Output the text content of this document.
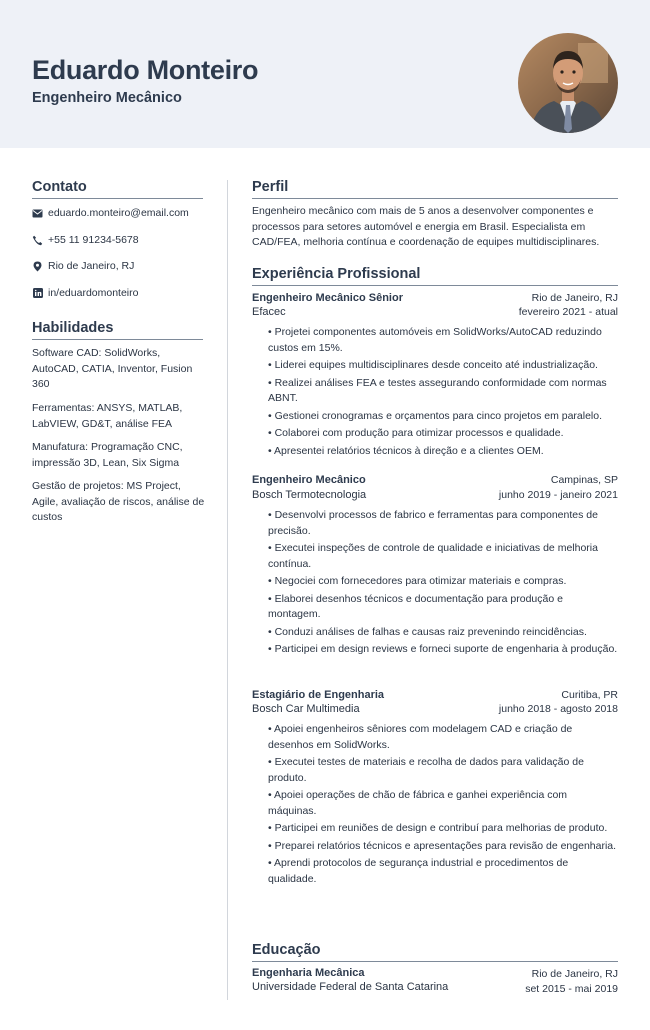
Eduardo Monteiro
Engenheiro Mecânico
Contato
eduardo.monteiro@email.com
+55 11 91234-5678
Rio de Janeiro, RJ
in/eduardomonteiro
Habilidades
Software CAD: SolidWorks, AutoCAD, CATIA, Inventor, Fusion 360
Ferramentas: ANSYS, MATLAB, LabVIEW, GD&T, análise FEA
Manufatura: Programação CNC, impressão 3D, Lean, Six Sigma
Gestão de projetos: MS Project, Agile, avaliação de riscos, análise de custos
Perfil
Engenheiro mecânico com mais de 5 anos a desenvolver componentes e processos para setores automóvel e energia em Brasil. Especialista em CAD/FEA, melhoria contínua e coordenação de equipes multidisciplinares.
Experiência Profissional
Engenheiro Mecânico Sênior	Rio de Janeiro, RJ
Efacec	fevereiro 2021 - atual
• Projetei componentes automóveis em SolidWorks/AutoCAD reduzindo custos em 15%.
• Liderei equipes multidisciplinares desde conceito até industrialização.
• Realizei análises FEA e testes assegurando conformidade com normas ABNT.
• Gestionei cronogramas e orçamentos para cinco projetos em paralelo.
• Colaborei com produção para otimizar processos e qualidade.
• Apresentei relatórios técnicos à direção e a clientes OEM.
Engenheiro Mecânico	Campinas, SP
Bosch Termotecnologia	junho 2019 - janeiro 2021
• Desenvolvi processos de fabrico e ferramentas para componentes de precisão.
• Executei inspeções de controle de qualidade e iniciativas de melhoria contínua.
• Negociei com fornecedores para otimizar materiais e compras.
• Elaborei desenhos técnicos e documentação para produção e montagem.
• Conduzi análises de falhas e causas raiz prevenindo reincidências.
• Participei em design reviews e forneci suporte de engenharia à produção.
Estagiário de Engenharia	Curitiba, PR
Bosch Car Multimedia	junho 2018 - agosto 2018
• Apoiei engenheiros sêniores com modelagem CAD e criação de desenhos em SolidWorks.
• Executei testes de materiais e recolha de dados para validação de produto.
• Apoiei operações de chão de fábrica e ganhei experiência com máquinas.
• Participei em reuniões de design e contribuí para melhorias de produto.
• Preparei relatórios técnicos e apresentações para revisão de engenharia.
• Aprendi protocolos de segurança industrial e procedimentos de qualidade.
Educação
Engenharia Mecânica	Rio de Janeiro, RJ
Universidade Federal de Santa Catarina	set 2015 - mai 2019
